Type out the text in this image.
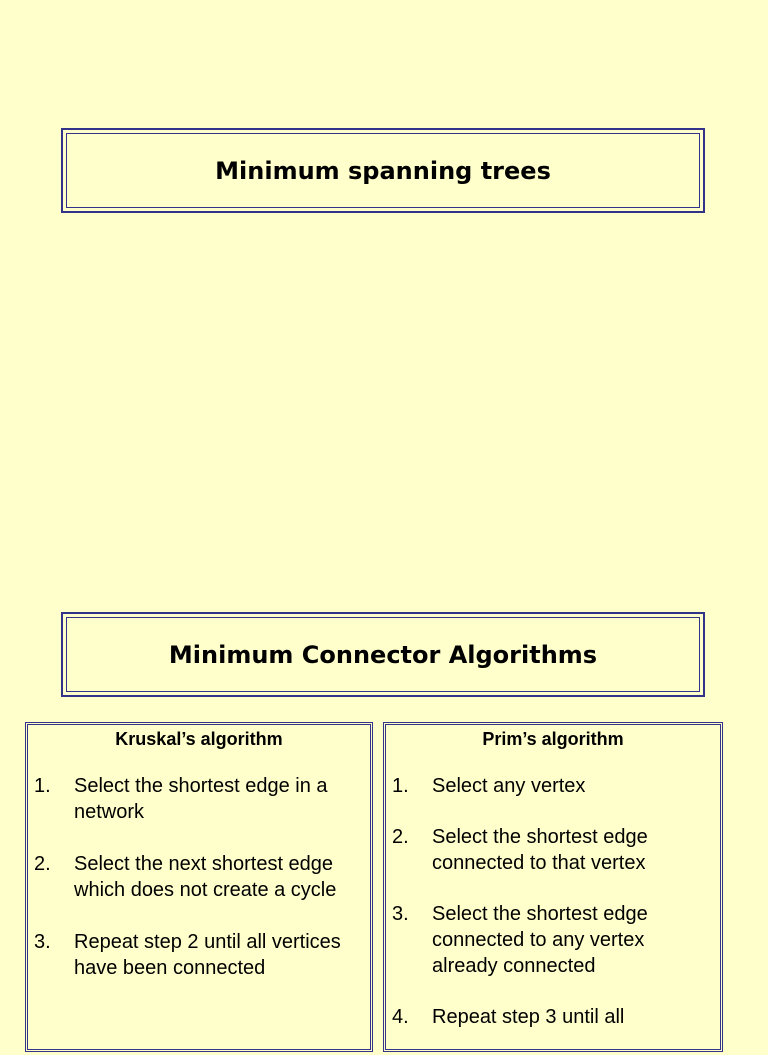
Minimum spanning trees
Minimum Connector Algorithms
Kruskal’s algorithm
1.	Select the shortest edge in a network
2.	Select the next shortest edge which does not create a cycle
3.	Repeat step 2 until all vertices have been connected
Prim’s algorithm
1.	Select any vertex
2.	Select the shortest edge connected to that vertex
3.	Select the shortest edge connected to any vertex already connected
4.	Repeat step 3 until all
